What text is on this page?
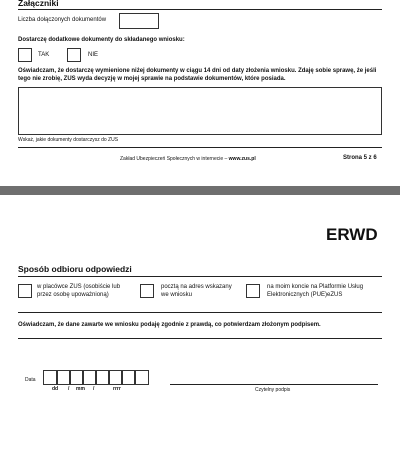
Załączniki
Liczba dołączonych dokumentów
Dostarczę dodatkowe dokumenty do składanego wniosku:
TAK	NIE
Oświadczam, że dostarczę wymienione niżej dokumenty w ciągu 14 dni od daty złożenia wniosku. Zdaję sobie sprawę, że jeśli tego nie zrobię, ZUS wyda decyzję w mojej sprawie na podstawie dokumentów, które posiada.
Wskaż, jakie dokumenty dostarczysz do ZUS
Zakład Ubezpieczeń Społecznych w internecie – www.zus.pl	Strona 5 z 6
ERWD
Sposób odbioru odpowiedzi
w placówce ZUS (osobiście lub przez osobę upoważnioną)
pocztą na adres wskazany we wniosku
na moim koncie na Platformie Usług Elektronicznych (PUE)eZUS
Oświadczam, że dane zawarte we wniosku podaję zgodnie z prawdą, co potwierdzam złożonym podpisem.
Data
dd / mm /	rrrr	Czytelny podpis
